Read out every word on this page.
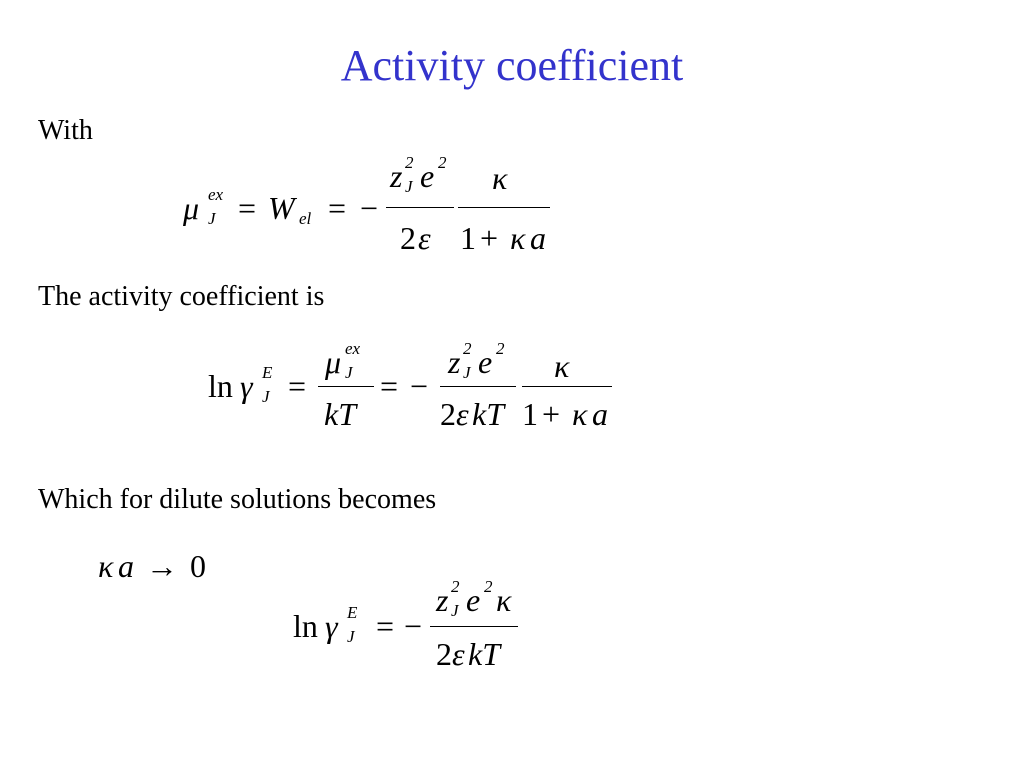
Activity coefficient
With
μ ex
J = W el = −
z 2
J e 2
2 ε
κ
1 + κ a
The activity coefficient is
ln γ E
J =
μ ex
J
kT
= −
z 2
J e 2
2 ε kT
κ
1 + κ a
Which for dilute solutions becomes
κ a → 0
ln γ E
J = −
z 2
J e 2 κ
2 ε kT
